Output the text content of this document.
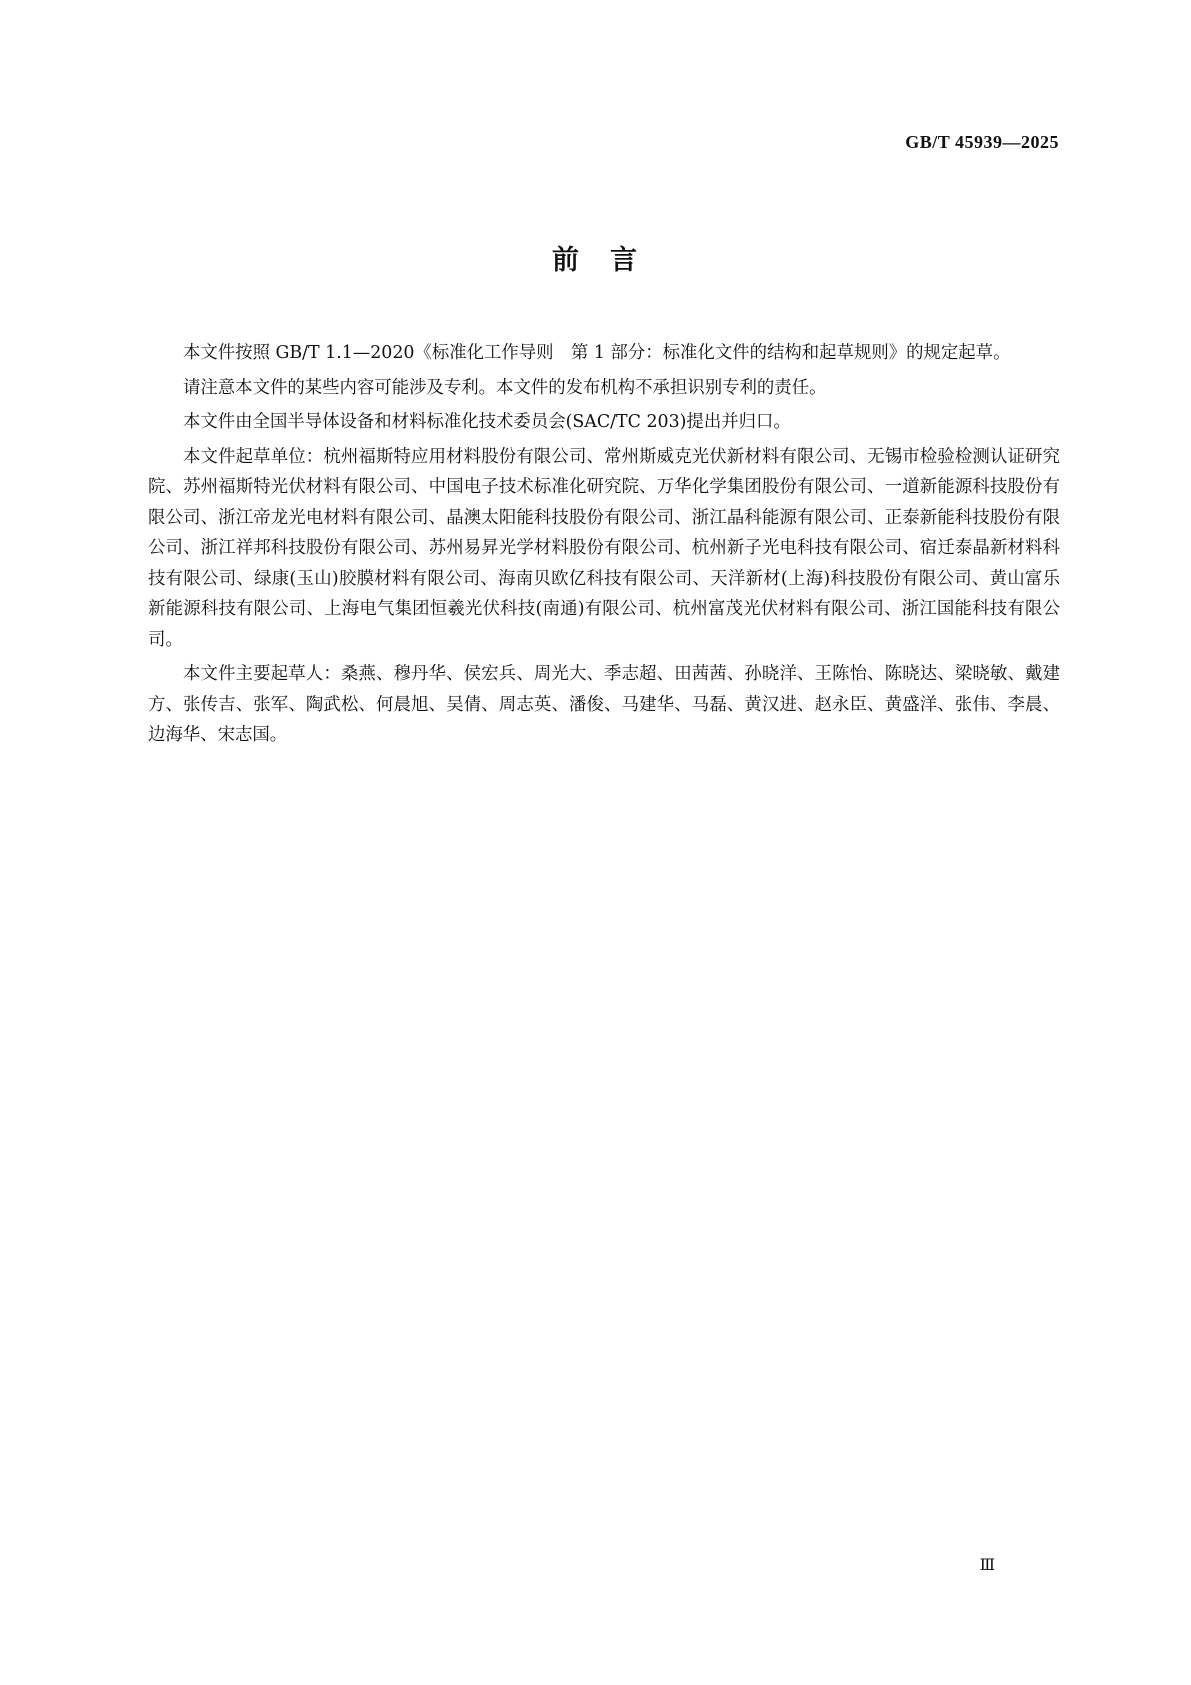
GB/T 45939—2025
前　言

本文件按照 GB/T 1.1—2020《标准化工作导则　第 1 部分：标准化文件的结构和起草规则》的规定起草。

请注意本文件的某些内容可能涉及专利。本文件的发布机构不承担识别专利的责任。

本文件由全国半导体设备和材料标准化技术委员会(SAC/TC 203)提出并归口。

本文件起草单位：杭州福斯特应用材料股份有限公司、常州斯威克光伏新材料有限公司、无锡市检验检测认证研究院、苏州福斯特光伏材料有限公司、中国电子技术标准化研究院、万华化学集团股份有限公司、一道新能源科技股份有限公司、浙江帝龙光电材料有限公司、晶澳太阳能科技股份有限公司、浙江晶科能源有限公司、正泰新能科技股份有限公司、浙江祥邦科技股份有限公司、苏州易昇光学材料股份有限公司、杭州新子光电科技有限公司、宿迁泰晶新材料科技有限公司、绿康(玉山)胶膜材料有限公司、海南贝欧亿科技有限公司、天洋新材(上海)科技股份有限公司、黄山富乐新能源科技有限公司、上海电气集团恒羲光伏科技(南通)有限公司、杭州富茂光伏材料有限公司、浙江国能科技有限公司。

本文件主要起草人：桑燕、穆丹华、侯宏兵、周光大、季志超、田茜茜、孙晓洋、王陈怡、陈晓达、梁晓敏、戴建方、张传吉、张军、陶武松、何晨旭、吴倩、周志英、潘俊、马建华、马磊、黄汉进、赵永臣、黄盛洋、张伟、李晨、边海华、宋志国。

Ⅲ
